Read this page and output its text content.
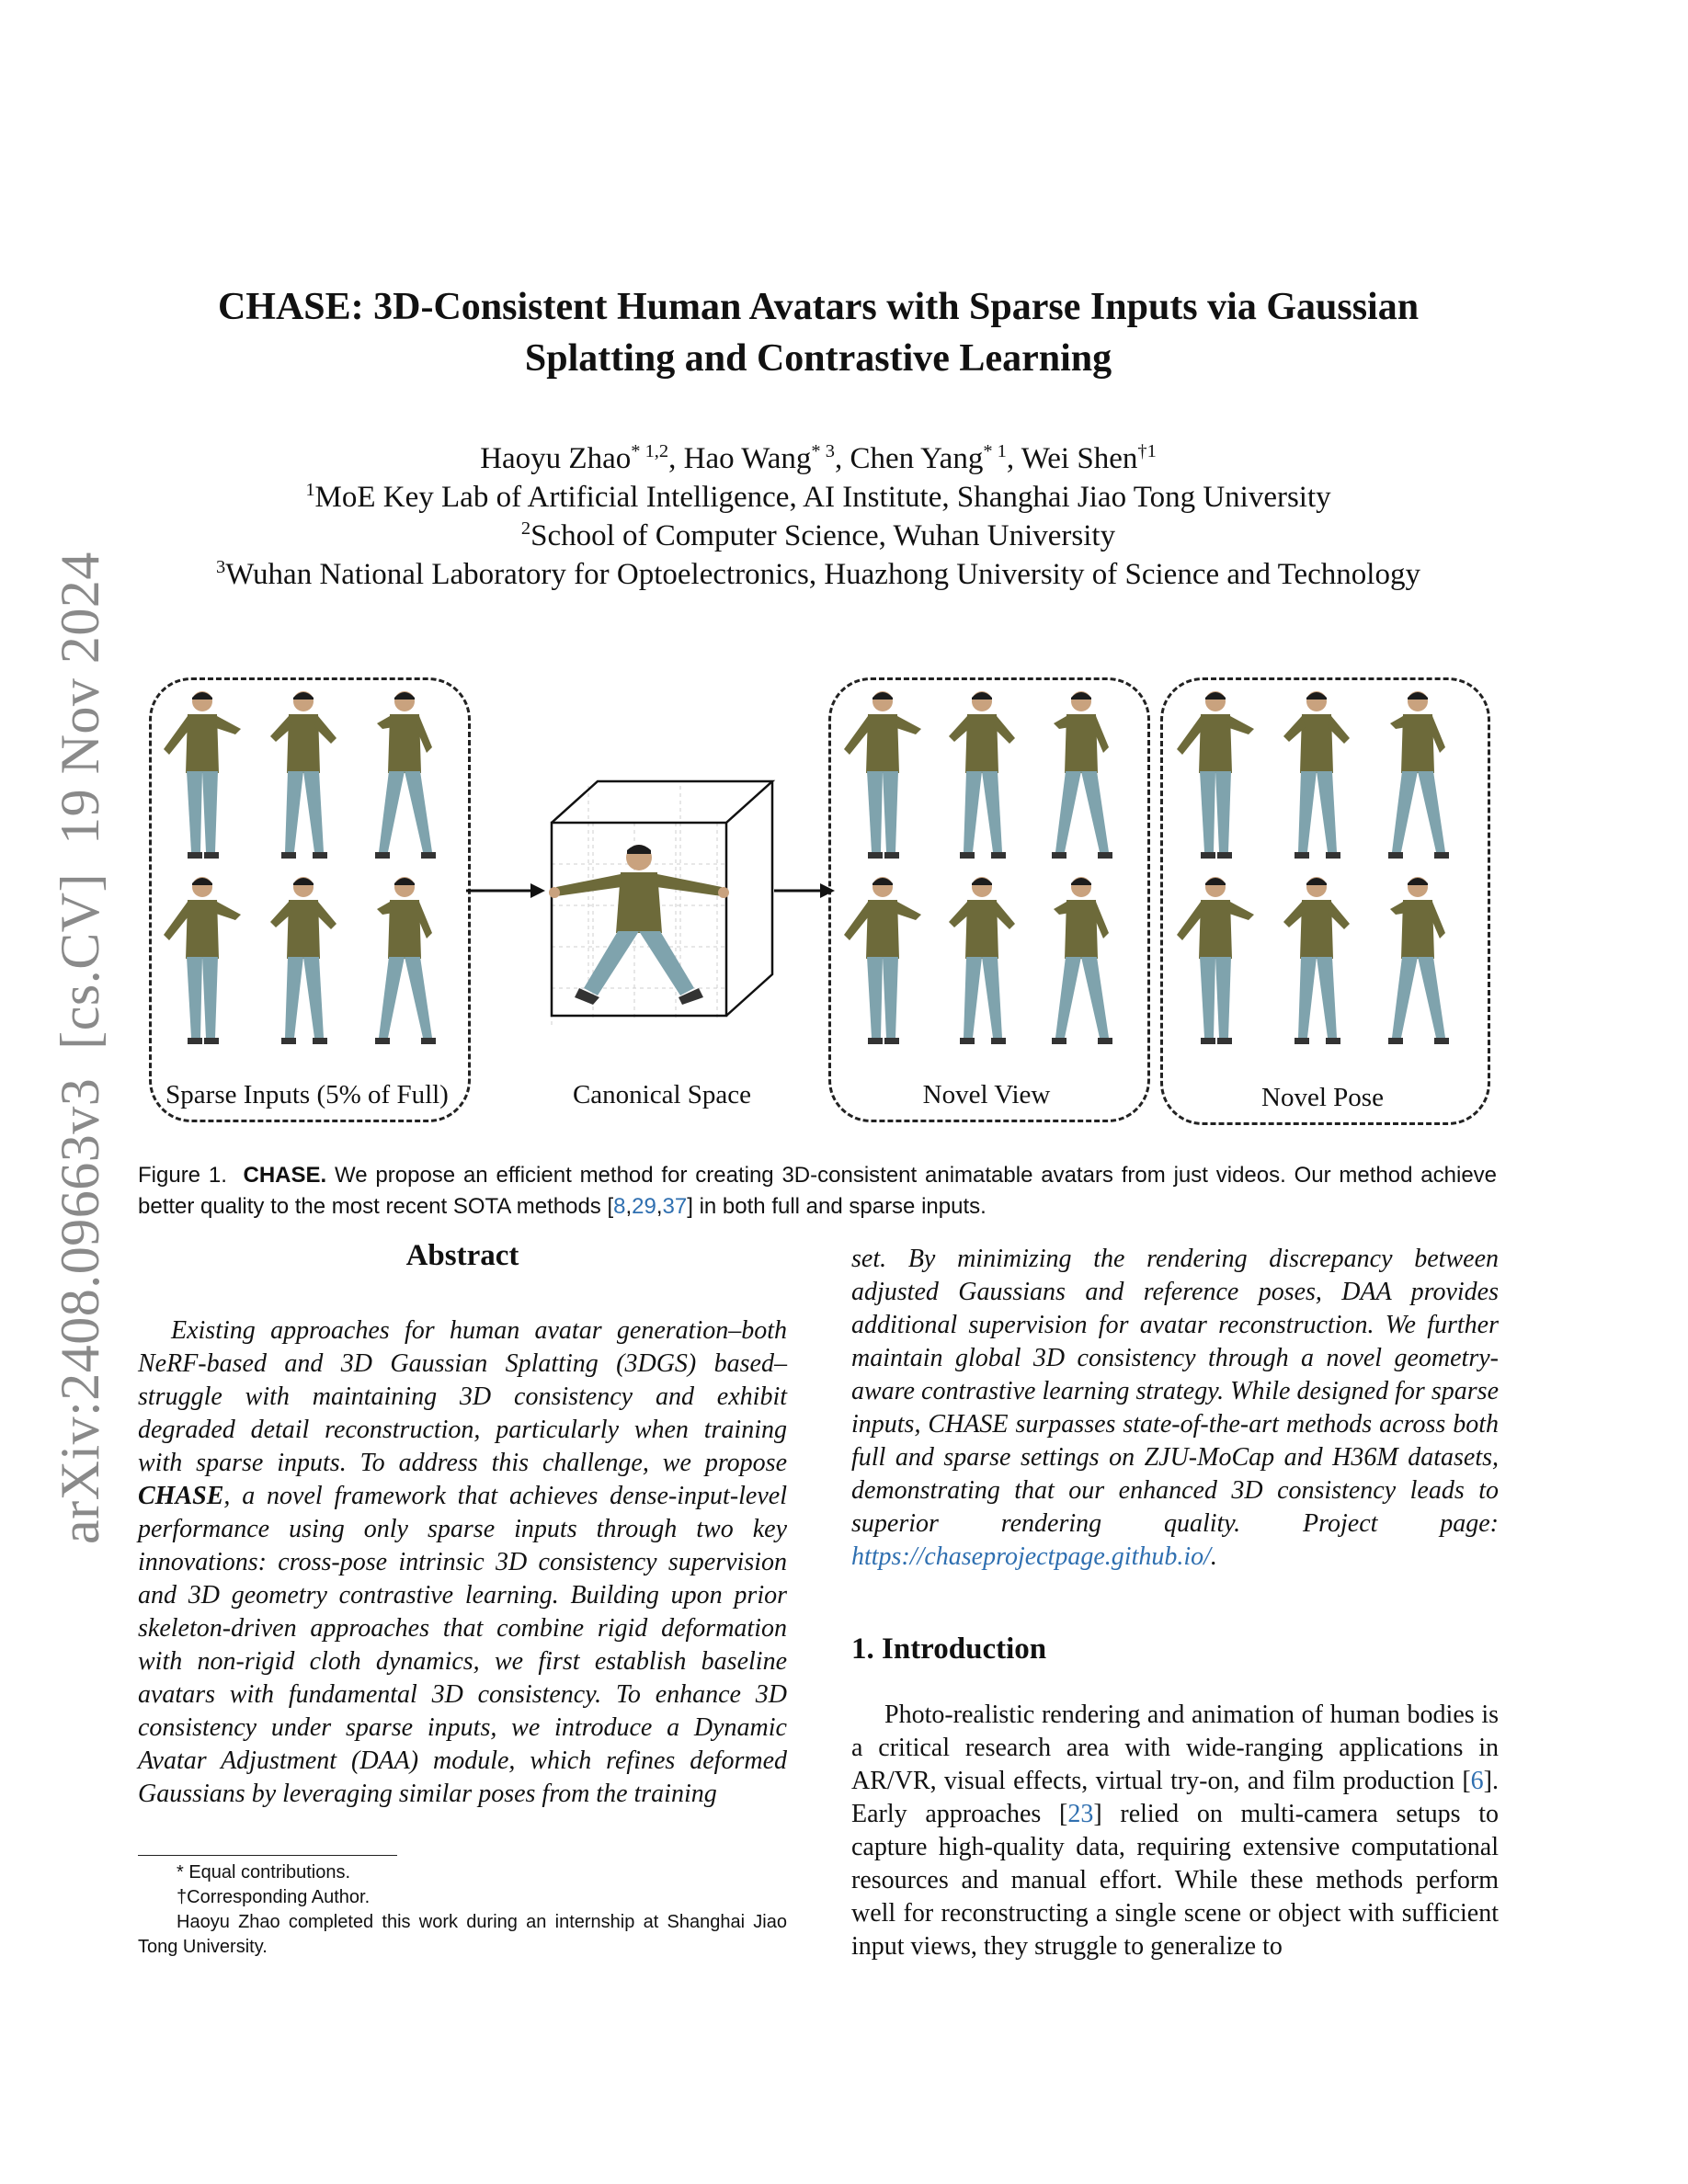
arXiv:2408.09663v3  [cs.CV]  19 Nov 2024
CHASE: 3D-Consistent Human Avatars with Sparse Inputs via Gaussian
Splatting and Contrastive Learning
Haoyu Zhao$^{* 1,2}$, Hao Wang$^{* 3}$, Chen Yang$^{* 1}$, Wei Shen$^{\dagger 1}$
$^1$MoE Key Lab of Artificial Intelligence, AI Institute, Shanghai Jiao Tong University
$^2$School of Computer Science, Wuhan University
$^3$Wuhan National Laboratory for Optoelectronics, Huazhong University of Science and Technology
Sparse Inputs (5% of Full)	Canonical Space	Novel View	Novel Pose
Figure 1. CHASE. We propose an efficient method for creating 3D-consistent animatable avatars from just videos. Our method achieve better quality to the most recent SOTA methods [8,29,37] in both full and sparse inputs.
Abstract

Existing approaches for human avatar generation–both NeRF-based and 3D Gaussian Splatting (3DGS) based–struggle with maintaining 3D consistency and exhibit degraded detail reconstruction, particularly when training with sparse inputs. To address this challenge, we propose CHASE, a novel framework that achieves dense-input-level performance using only sparse inputs through two key innovations: cross-pose intrinsic 3D consistency supervision and 3D geometry contrastive learning. Building upon prior skeleton-driven approaches that combine rigid deformation with non-rigid cloth dynamics, we first establish baseline avatars with fundamental 3D consistency. To enhance 3D consistency under sparse inputs, we introduce a Dynamic Avatar Adjustment (DAA) module, which refines deformed Gaussians by leveraging similar poses from the training

set. By minimizing the rendering discrepancy between adjusted Gaussians and reference poses, DAA provides additional supervision for avatar reconstruction. We further maintain global 3D consistency through a novel geometry-aware contrastive learning strategy. While designed for sparse inputs, CHASE surpasses state-of-the-art methods across both full and sparse settings on ZJU-MoCap and H36M datasets, demonstrating that our enhanced 3D consistency leads to superior rendering quality. Project page: https://chaseprojectpage.github.io/.

1. Introduction

Photo-realistic rendering and animation of human bodies is a critical research area with wide-ranging applications in AR/VR, visual effects, virtual try-on, and film production [6]. Early approaches [23] relied on multi-camera setups to capture high-quality data, requiring extensive computational resources and manual effort. While these methods perform well for reconstructing a single scene or object with sufficient input views, they struggle to generalize to

* Equal contributions.

†Corresponding Author.

Haoyu Zhao completed this work during an internship at Shanghai Jiao Tong University.
